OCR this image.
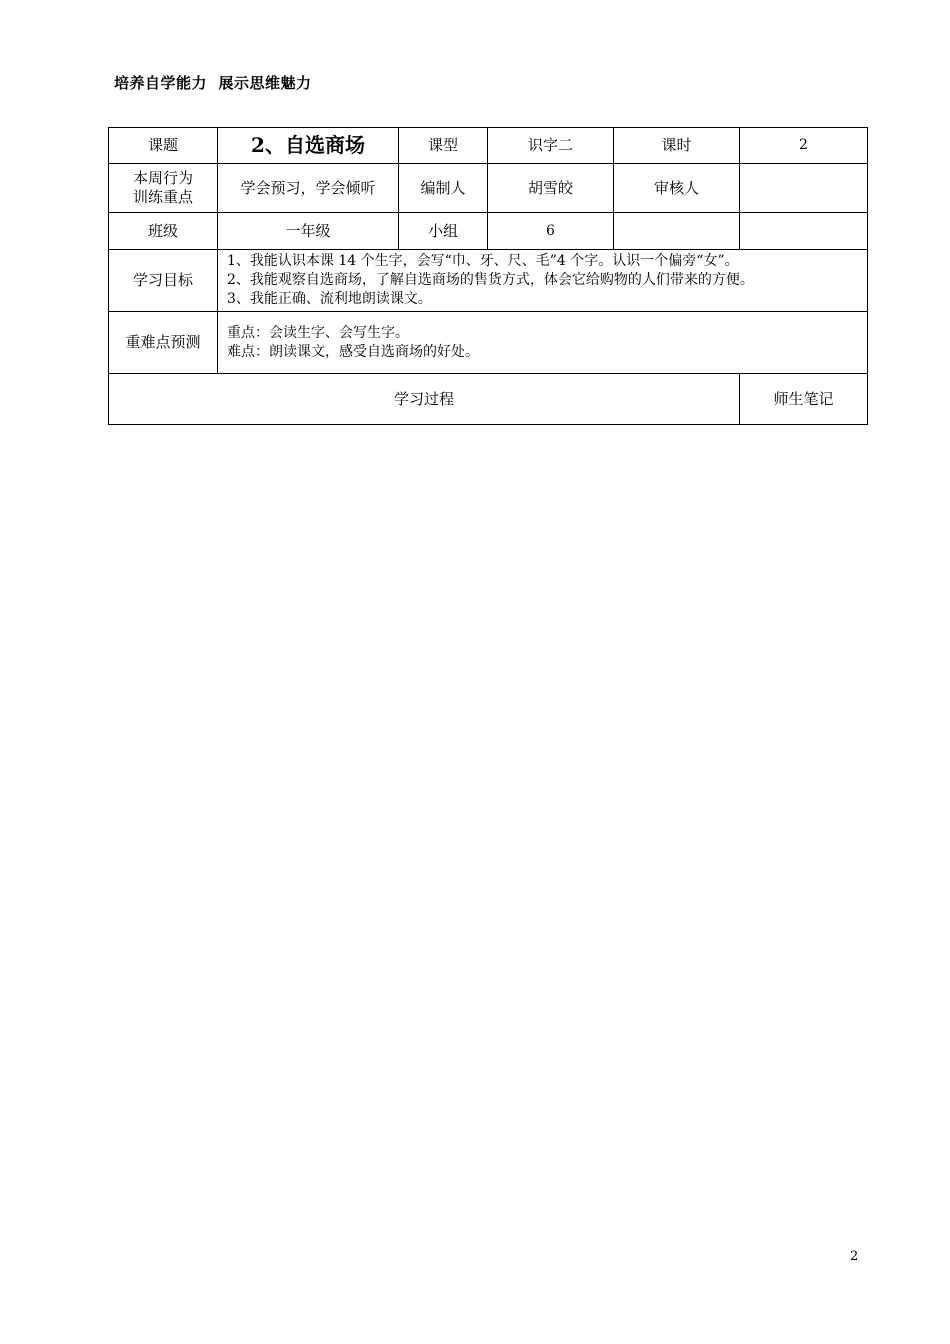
培养自学能力  展示思维魅力
课题	2、自选商场	课型	识字二	课时	2

本周行为
训练重点	学会预习，学会倾听	编制人	胡雪皎	审核人	
班级	一年级	小组	6		
学习目标	1、我能认识本课 14 个生字，会写“巾、牙、尺、毛”4 个字。认识一个偏旁“女”。
2、我能观察自选商场，了解自选商场的售货方式，体会它给购物的人们带来的方便。
3、我能正确、流利地朗读课文。				

重难点预测	重点：会读生字、会写生字。
难点：朗读课文，感受自选商场的好处。				

学习过程					师生笔记
2
